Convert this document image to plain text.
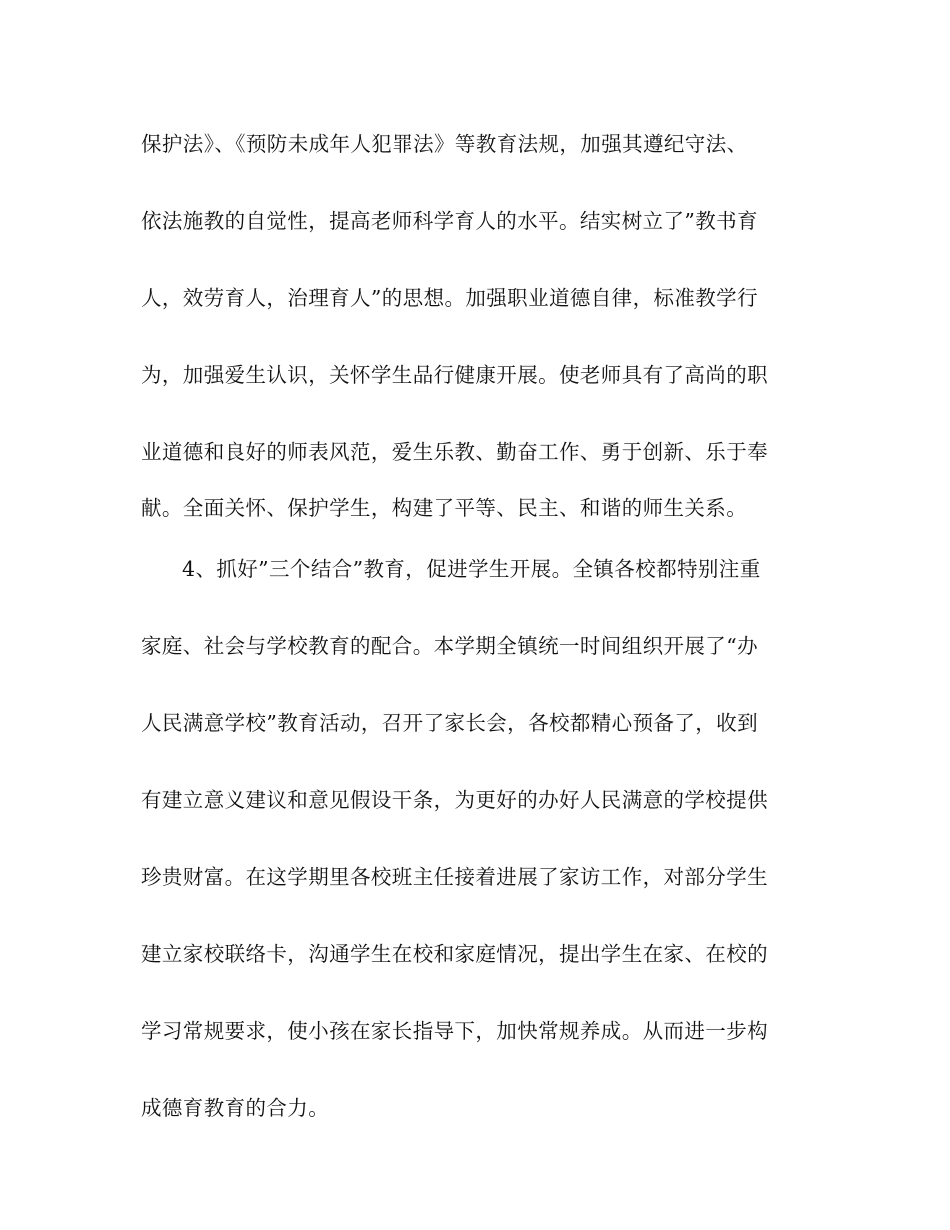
保护法》、《预防未成年人犯罪法》等教育法规，加强其遵纪守法、
依法施教的自觉性，提高老师科学育人的水平。结实树立了”教书育
人，效劳育人，治理育人”的思想。加强职业道德自律，标准教学行
为，加强爱生认识，关怀学生品行健康开展。使老师具有了高尚的职
业道德和良好的师表风范，爱生乐教、勤奋工作、勇于创新、乐于奉
献。全面关怀、保护学生，构建了平等、民主、和谐的师生关系。
4、抓好”三个结合”教育，促进学生开展。全镇各校都特别注重
家庭、社会与学校教育的配合。本学期全镇统一时间组织开展了“办
人民满意学校”教育活动，召开了家长会，各校都精心预备了，收到
有建立意义建议和意见假设干条，为更好的办好人民满意的学校提供
珍贵财富。在这学期里各校班主任接着进展了家访工作，对部分学生
建立家校联络卡，沟通学生在校和家庭情况，提出学生在家、在校的
学习常规要求，使小孩在家长指导下，加快常规养成。从而进一步构
成德育教育的合力。
